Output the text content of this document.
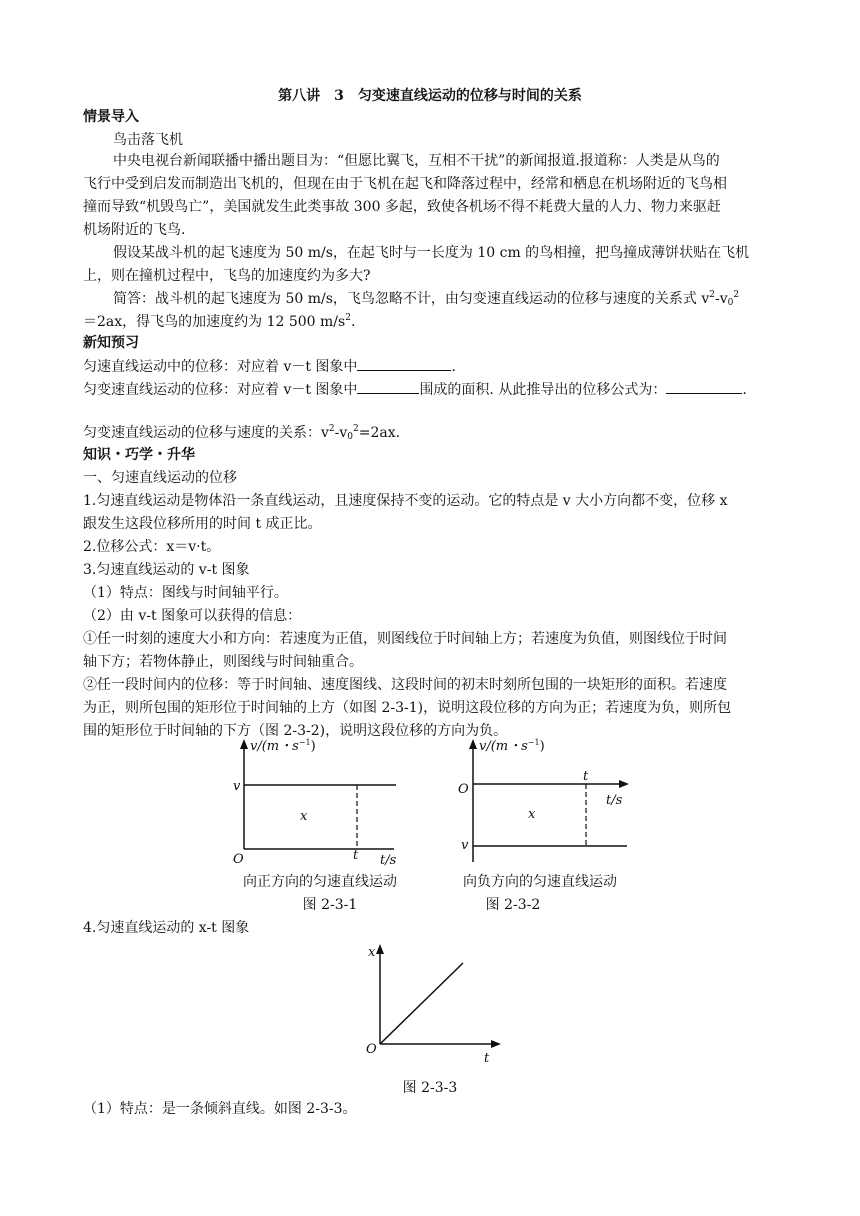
第八讲　3　匀变速直线运动的位移与时间的关系
情景导入
鸟击落飞机
中央电视台新闻联播中播出题目为：“但愿比翼飞，互相不干扰”的新闻报道.报道称：人类是从鸟的
飞行中受到启发而制造出飞机的，但现在由于飞机在起飞和降落过程中，经常和栖息在机场附近的飞鸟相
撞而导致“机毁鸟亡”，美国就发生此类事故 300 多起，致使各机场不得不耗费大量的人力、物力来驱赶
机场附近的飞鸟.
假设某战斗机的起飞速度为 50 m/s，在起飞时与一长度为 10 cm 的鸟相撞，把鸟撞成薄饼状贴在飞机
上，则在撞机过程中，飞鸟的加速度约为多大?
简答：战斗机的起飞速度为 50 m/s，飞鸟忽略不计，由匀变速直线运动的位移与速度的关系式 $v^2-v_0^2$
＝2ax，得飞鸟的加速度约为 12 500 $m/s^2$.
新知预习
匀速直线运动中的位移：对应着 v－t 图象中	.
匀变速直线运动的位移：对应着 v－t 图象中	围成的面积. 从此推导出的位移公式为：	.
匀变速直线运动的位移与速度的关系：$v^2-v_0^2=2ax$.
知识・巧学・升华
一、匀速直线运动的位移
1.匀速直线运动是物体沿一条直线运动，且速度保持不变的运动。它的特点是 v 大小方向都不变，位移 x
跟发生这段位移所用的时间 t 成正比。
2.位移公式：x＝v·t。
3.匀速直线运动的 v-t 图象
（1）特点：图线与时间轴平行。
（2）由 v-t 图象可以获得的信息：
①任一时刻的速度大小和方向：若速度为正值，则图线位于时间轴上方；若速度为负值，则图线位于时间
轴下方；若物体静止，则图线与时间轴重合。
②任一段时间内的位移：等于时间轴、速度图线、这段时间的初末时刻所包围的一块矩形的面积。若速度
为正，则所包围的矩形位于时间轴的上方（如图 2-3-1)，说明这段位移的方向为正；若速度为负，则所包
围的矩形位于时间轴的下方（图 2-3-2)，说明这段位移的方向为负。
v/(m・$s^{-1}$)
v
x
t
O	t/s
向正方向的匀速直线运动
图 2-3-1
v/(m・$s^{-1}$)
O
t
t/s
x
v
向负方向的匀速直线运动
图 2-3-2
4.匀速直线运动的 x-t 图象
x
O
t
图 2-3-3
（1）特点：是一条倾斜直线。如图 2-3-3。
